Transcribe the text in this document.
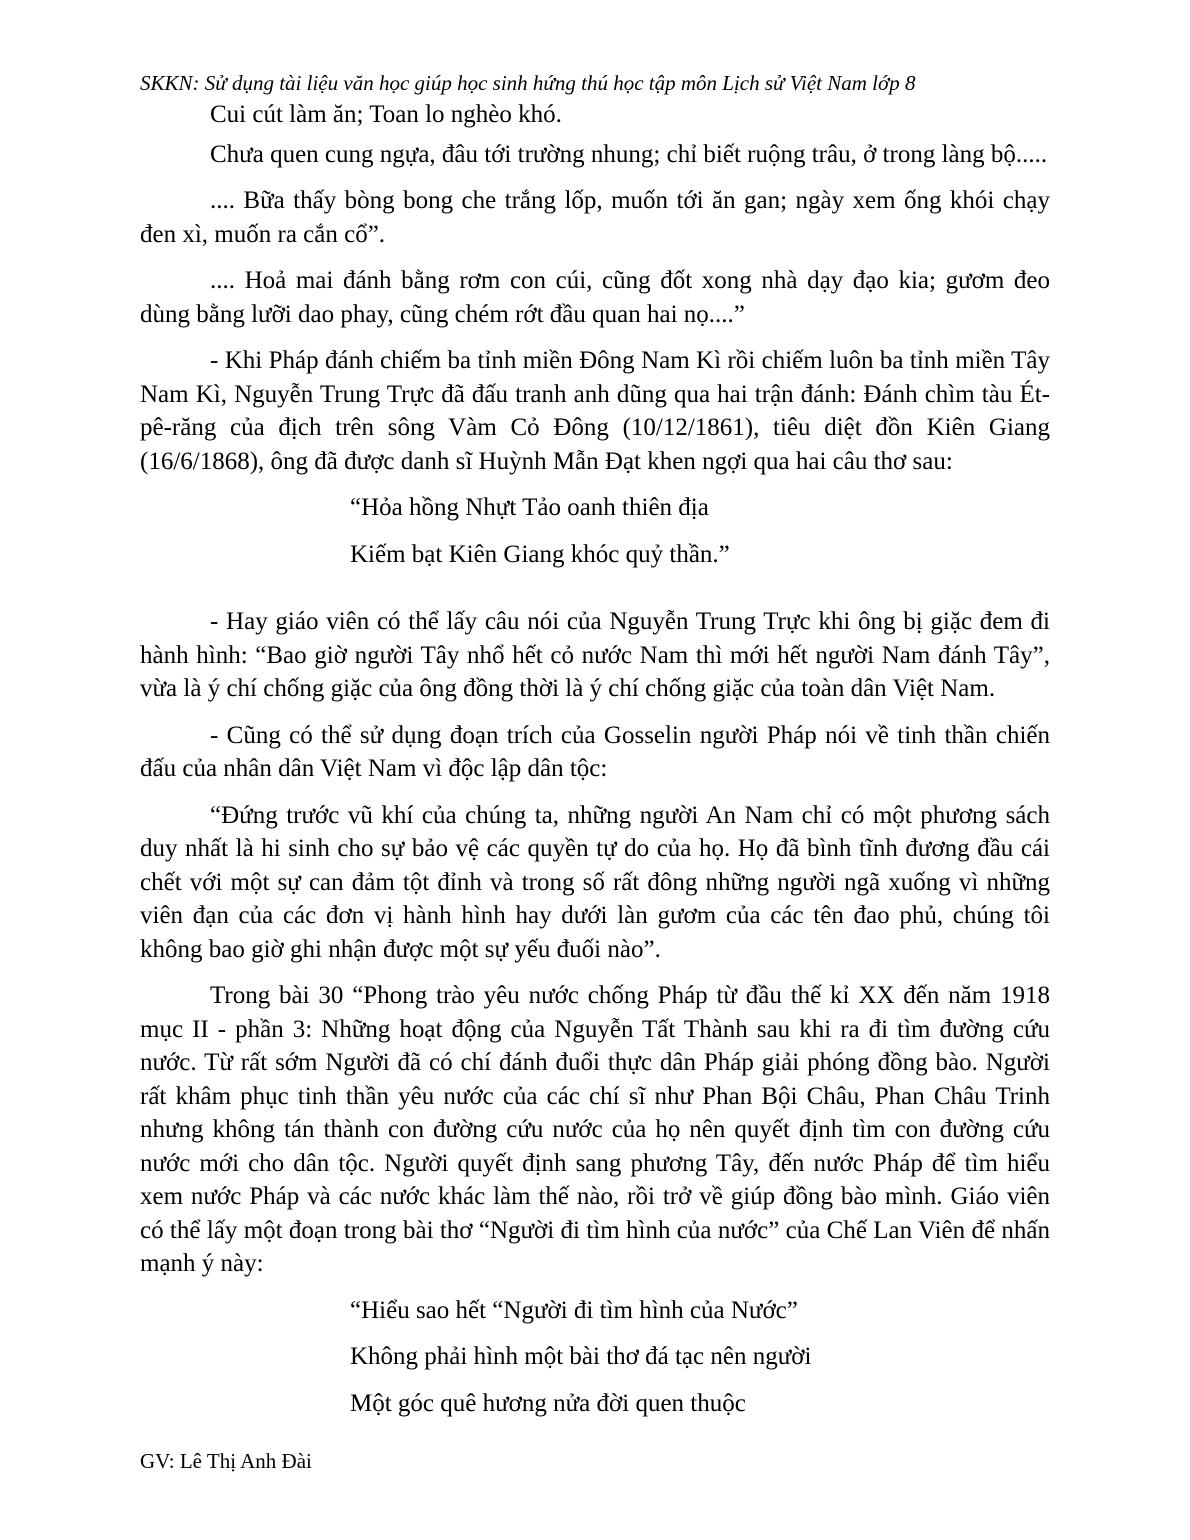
SKKN: Sử dụng tài liệu văn học giúp học sinh hứng thú học tập môn Lịch sử Việt Nam lớp 8

Cui cút làm ăn; Toan lo nghèo khó.

Chưa quen cung ngựa, đâu tới trường nhung; chỉ biết ruộng trâu, ở trong làng bộ.....

.... Bữa thấy bòng bong che trắng lốp, muốn tới ăn gan; ngày xem ống khói chạy đen xì, muốn ra cắn cổ”.

.... Hoả mai đánh bằng rơm con cúi, cũng đốt xong nhà dạy đạo kia; gươm đeo dùng bằng lưỡi dao phay, cũng chém rớt đầu quan hai nọ....”

- Khi Pháp đánh chiếm ba tỉnh miền Đông Nam Kì rồi chiếm luôn ba tỉnh miền Tây Nam Kì, Nguyễn Trung Trực đã đấu tranh anh dũng qua hai trận đánh: Đánh chìm tàu Ét-pê-răng của địch trên sông Vàm Cỏ Đông (10/12/1861), tiêu diệt đồn Kiên Giang (16/6/1868), ông đã được danh sĩ Huỳnh Mẫn Đạt khen ngợi qua hai câu thơ sau:

“Hỏa hồng Nhựt Tảo oanh thiên địa

Kiếm bạt Kiên Giang khóc quỷ thần.”

- Hay giáo viên có thể lấy câu nói của Nguyễn Trung Trực khi ông bị giặc đem đi hành hình: “Bao giờ người Tây nhổ hết cỏ nước Nam thì mới hết người Nam đánh Tây”, vừa là ý chí chống giặc của ông đồng thời là ý chí chống giặc của toàn dân Việt Nam.

- Cũng có thể sử dụng đoạn trích của Gosselin người Pháp nói về tinh thần chiến đấu của nhân dân Việt Nam vì độc lập dân tộc:

“Đứng trước vũ khí của chúng ta, những người An Nam chỉ có một phương sách duy nhất là hi sinh cho sự bảo vệ các quyền tự do của họ. Họ đã bình tĩnh đương đầu cái chết với một sự can đảm tột đỉnh và trong số rất đông những người ngã xuống vì những viên đạn của các đơn vị hành hình hay dưới làn gươm của các tên đao phủ, chúng tôi không bao giờ ghi nhận được một sự yếu đuối nào”.

Trong bài 30 “Phong trào yêu nước chống Pháp từ đầu thế kỉ XX đến năm 1918 mục II - phần 3: Những hoạt động của Nguyễn Tất Thành sau khi ra đi tìm đường cứu nước. Từ rất sớm Người đã có chí đánh đuổi thực dân Pháp giải phóng đồng bào. Người rất khâm phục tinh thần yêu nước của các chí sĩ như Phan Bội Châu, Phan Châu Trinh nhưng không tán thành con đường cứu nước của họ nên quyết định tìm con đường cứu nước mới cho dân tộc. Người quyết định sang phương Tây, đến nước Pháp để tìm hiểu xem nước Pháp và các nước khác làm thế nào, rồi trở về giúp đồng bào mình. Giáo viên có thể lấy một đoạn trong bài thơ “Người đi tìm hình của nước” của Chế Lan Viên để nhấn mạnh ý này:

“Hiểu sao hết “Người đi tìm hình của Nước”

Không phải hình một bài thơ đá tạc nên người

Một góc quê hương nửa đời quen thuộc

GV: Lê Thị Anh Đài
